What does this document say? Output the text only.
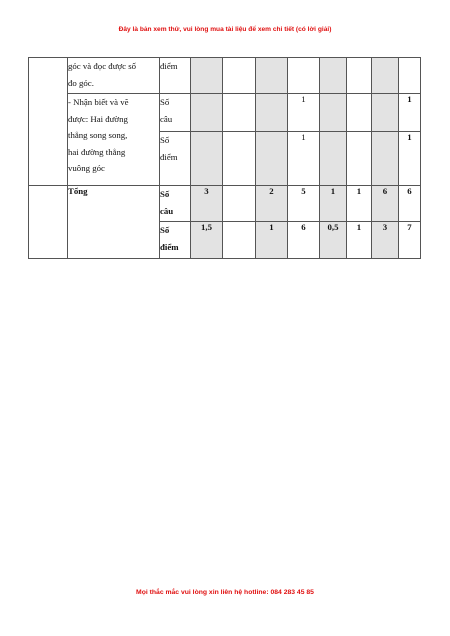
Đây là bản xem thử, vui lòng mua tài liệu để xem chi tiết (có lời giải)

	góc và đọc được số
đo góc.	điểm								

	- Nhận biết và vẽ
được: Hai đường
thẳng song song,
hai đường thẳng
vuông góc	Số
câu				1				1

		Số
điểm				1				1
	Tổng	Số
câu	3		2	5	1	1	6	6

		Số
điểm	1,5		1	6	0,5	1	3	7
Mọi thắc mắc vui lòng xin liên hệ hotline: 084 283 45 85
